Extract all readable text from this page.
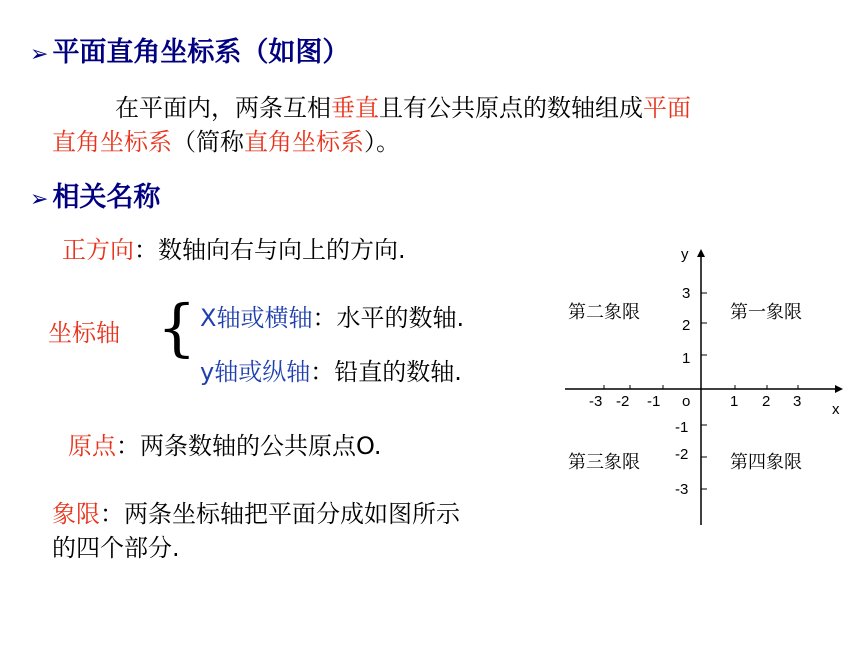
➢ 平面直角坐标系（如图）
在平面内，两条互相垂直且有公共原点的数轴组成平面
直角坐标系（简称直角坐标系）。
➢ 相关名称
正方向：数轴向右与向上的方向.
坐标轴 { X轴或横轴：水平的数轴.
y轴或纵轴：铅直的数轴.
原点：两条数轴的公共原点O.
象限：两条坐标轴把平面分成如图所示
的四个部分.
y
x
o
-3 -2 -1	1 2 3
3
2
1
-1
-2
-3
第一象限
第二象限
第三象限	第四象限
